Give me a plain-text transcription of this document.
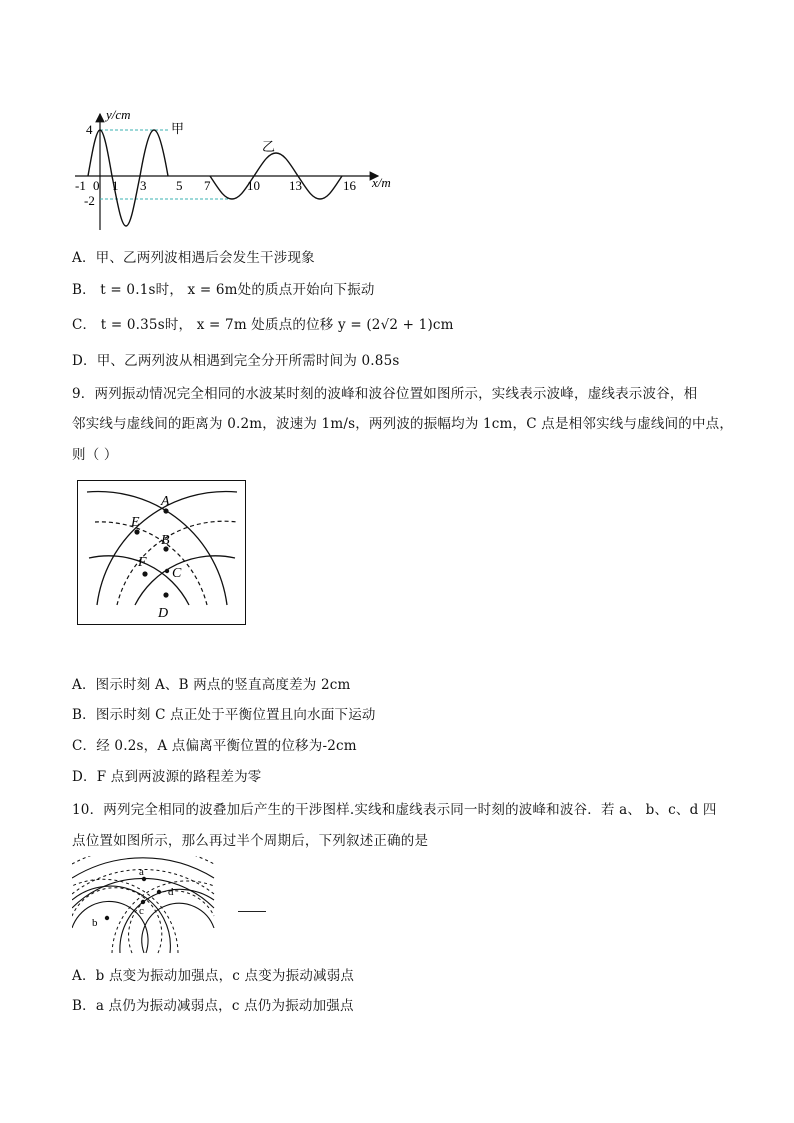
y/cm
x/m
4
-2
-1 0 1 3 5 7	10 13	16
甲
乙
A．甲、乙两列波相遇后会发生干涉现象
B． t = 0.1s时， x = 6m处的质点开始向下振动
C． t = 0.35s时， x = 7m 处质点的位移 y = (2√2 + 1)cm
D．甲、乙两列波从相遇到完全分开所需时间为 0.85s
9．两列振动情况完全相同的水波某时刻的波峰和波谷位置如图所示，实线表示波峰，虚线表示波谷，相
邻实线与虚线间的距离为 0.2m，波速为 1m/s，两列波的振幅均为 1cm，C 点是相邻实线与虚线间的中点，
则（ ）
A
E
B
F
C
D
A．图示时刻 A、B 两点的竖直高度差为 2cm
B．图示时刻 C 点正处于平衡位置且向水面下运动
C．经 0.2s，A 点偏离平衡位置的位移为-2cm
D．F 点到两波源的路程差为零
10．两列完全相同的波叠加后产生的干涉图样.实线和虚线表示同一时刻的波峰和波谷．若 a、 b、c、d 四
点位置如图所示，那么再过半个周期后，下列叙述正确的是
a
d
c
b
A．b 点变为振动加强点，c 点变为振动减弱点
B．a 点仍为振动减弱点，c 点仍为振动加强点
